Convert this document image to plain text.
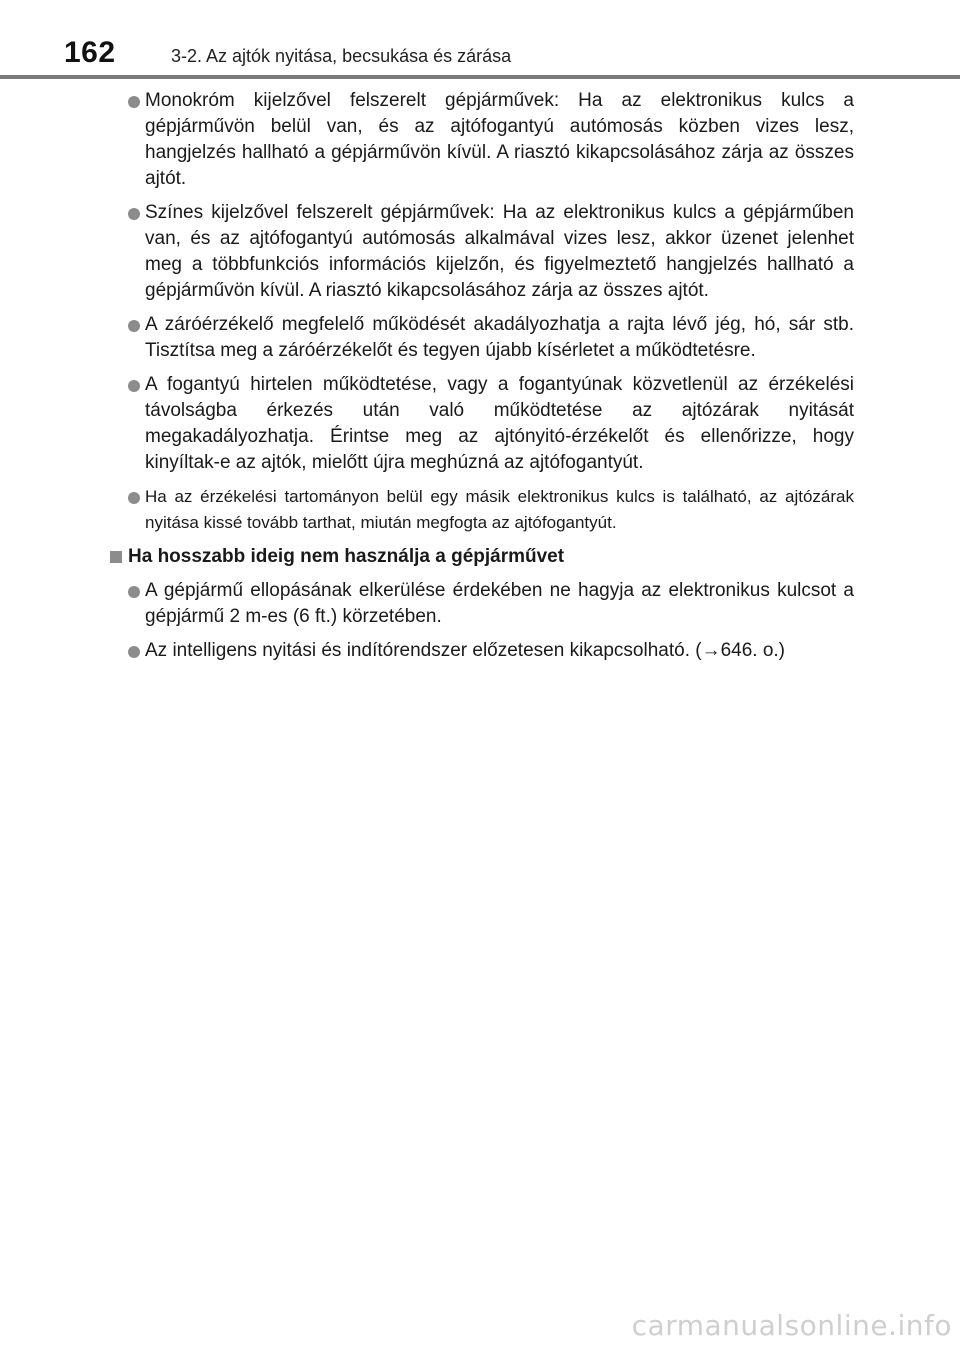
162	3-2. Az ajtók nyitása, becsukása és zárása
Monokróm kijelzővel felszerelt gépjárművek: Ha az elektronikus kulcs a gépjárművön belül van, és az ajtófogantyú autómosás közben vizes lesz, hangjelzés hallható a gépjárművön kívül. A riasztó kikapcsolásához zárja az összes ajtót.
Színes kijelzővel felszerelt gépjárművek: Ha az elektronikus kulcs a gépjárműben van, és az ajtófogantyú autómosás alkalmával vizes lesz, akkor üzenet jelenhet meg a többfunkciós információs kijelzőn, és figyelmeztető hangjelzés hallható a gépjárművön kívül. A riasztó kikapcsolásához zárja az összes ajtót.
A záróérzékelő megfelelő működését akadályozhatja a rajta lévő jég, hó, sár stb. Tisztítsa meg a záróérzékelőt és tegyen újabb kísérletet a működtetésre.
A fogantyú hirtelen működtetése, vagy a fogantyúnak közvetlenül az érzékelési távolságba érkezés után való működtetése az ajtózárak nyitását megakadályozhatja. Érintse meg az ajtónyitó-érzékelőt és ellenőrizze, hogy kinyíltak-e az ajtók, mielőtt újra meghúzná az ajtófogantyút.
Ha az érzékelési tartományon belül egy másik elektronikus kulcs is található, az ajtózárak nyitása kissé tovább tarthat, miután megfogta az ajtófogantyút.
Ha hosszabb ideig nem használja a gépjárművet
A gépjármű ellopásának elkerülése érdekében ne hagyja az elektronikus kulcsot a gépjármű 2 m-es (6 ft.) körzetében.
Az intelligens nyitási és indítórendszer előzetesen kikapcsolható. (→646. o.)
carmanualsonline.info
